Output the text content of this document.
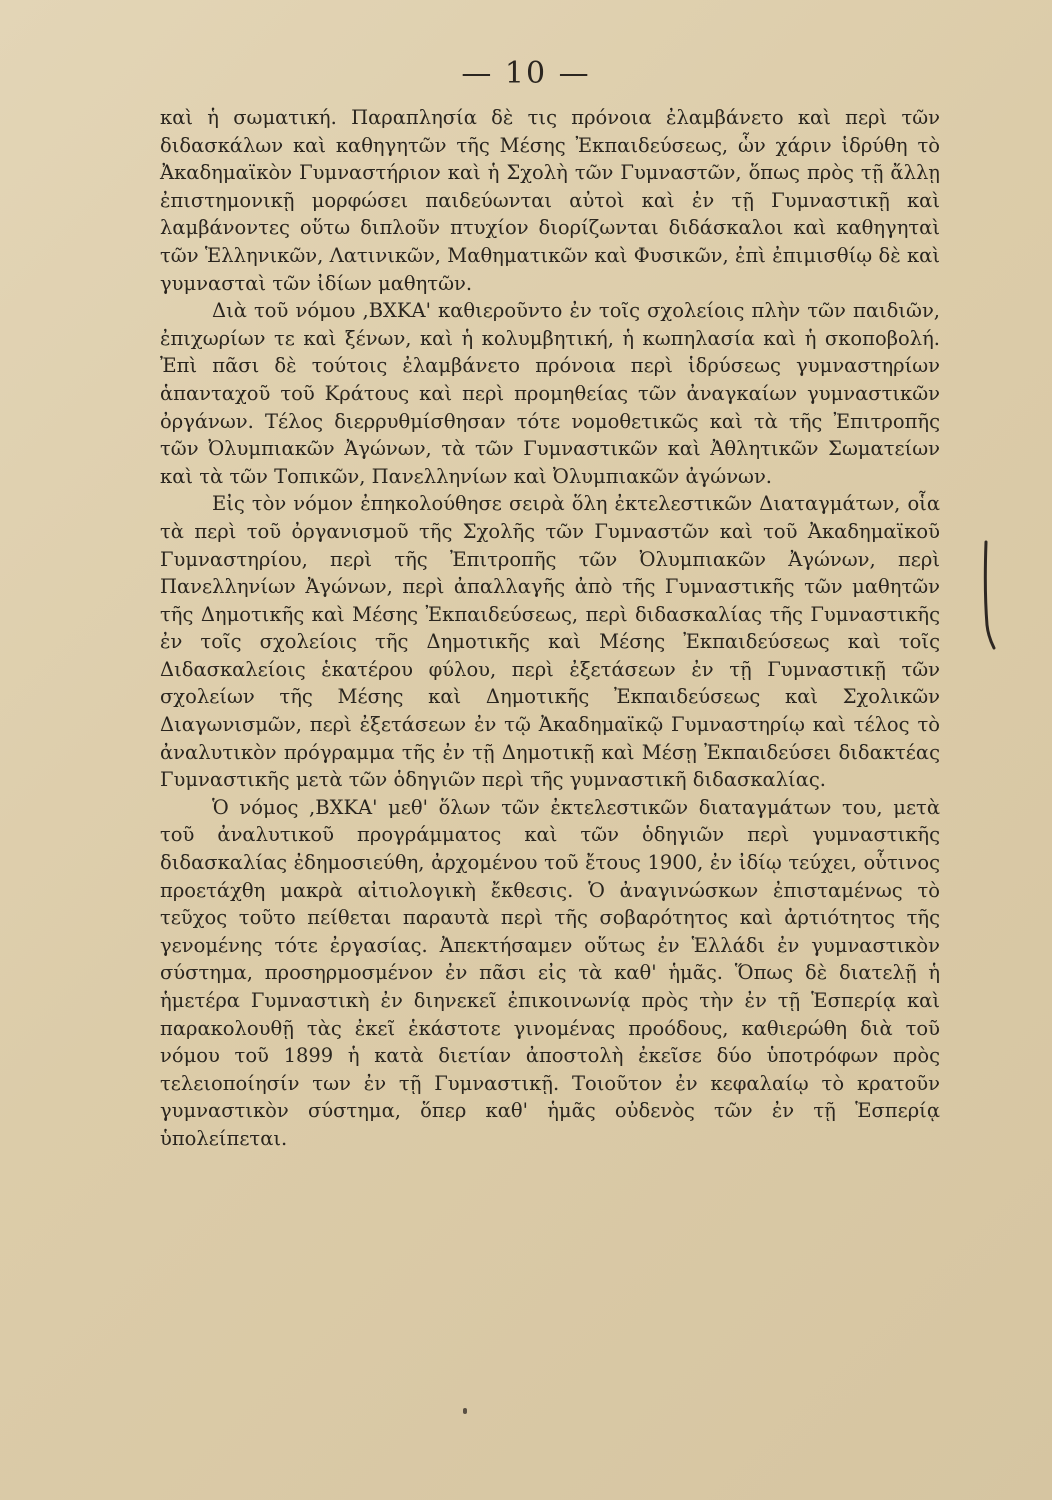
— 10 —

καὶ ἡ σωματική. Παραπλησία δὲ τις πρόνοια ἐλαμβάνετο καὶ περὶ τῶν διδασκάλων καὶ καθηγητῶν τῆς Μέσης Ἐκπαιδεύσεως, ὧν χάριν ἱδρύθη τὸ Ἀκαδημαϊκὸν Γυμναστήριον καὶ ἡ Σχολὴ τῶν Γυμναστῶν, ὅπως πρὸς τῇ ἄλλῃ ἐπιστημονικῇ μορφώσει παιδεύωνται αὐτοὶ καὶ ἐν τῇ Γυμναστικῇ καὶ λαμβάνοντες οὕτω διπλοῦν πτυχίον διορίζωνται διδάσκαλοι καὶ καθηγηταὶ τῶν Ἑλληνικῶν, Λατινικῶν, Μαθηματικῶν καὶ Φυσικῶν, ἐπὶ ἐπιμισθίῳ δὲ καὶ γυμνασταὶ τῶν ἰδίων μαθητῶν.

Διὰ τοῦ νόμου ,ΒΧΚΑ' καθιεροῦντο ἐν τοῖς σχολείοις πλὴν τῶν παιδιῶν, ἐπιχωρίων τε καὶ ξένων, καὶ ἡ κολυμβητική, ἡ κωπηλασία καὶ ἡ σκοποβολή. Ἐπὶ πᾶσι δὲ τούτοις ἐλαμβάνετο πρόνοια περὶ ἱδρύσεως γυμναστηρίων ἁπανταχοῦ τοῦ Κράτους καὶ περὶ προμηθείας τῶν ἀναγκαίων γυμναστικῶν ὀργάνων. Τέλος διερρυθμίσθησαν τότε νομοθετικῶς καὶ τὰ τῆς Ἐπιτροπῆς τῶν Ὀλυμπιακῶν Ἀγώνων, τὰ τῶν Γυμναστικῶν καὶ Ἀθλητικῶν Σωματείων καὶ τὰ τῶν Τοπικῶν, Πανελληνίων καὶ Ὀλυμπιακῶν ἀγώνων.

Εἰς τὸν νόμον ἐπηκολούθησε σειρὰ ὅλη ἐκτελεστικῶν Διαταγμάτων, οἷα τὰ περὶ τοῦ ὀργανισμοῦ τῆς Σχολῆς τῶν Γυμναστῶν καὶ τοῦ Ἀκαδημαϊκοῦ Γυμναστηρίου, περὶ τῆς Ἐπιτροπῆς τῶν Ὀλυμπιακῶν Ἀγώνων, περὶ Πανελληνίων Ἀγώνων, περὶ ἀπαλλαγῆς ἀπὸ τῆς Γυμναστικῆς τῶν μαθητῶν τῆς Δημοτικῆς καὶ Μέσης Ἐκπαιδεύσεως, περὶ διδασκαλίας τῆς Γυμναστικῆς ἐν τοῖς σχολείοις τῆς Δημοτικῆς καὶ Μέσης Ἐκπαιδεύσεως καὶ τοῖς Διδασκαλείοις ἑκατέρου φύλου, περὶ ἐξετάσεων ἐν τῇ Γυμναστικῇ τῶν σχολείων τῆς Μέσης καὶ Δημοτικῆς Ἐκπαιδεύσεως καὶ Σχολικῶν Διαγωνισμῶν, περὶ ἐξετάσεων ἐν τῷ Ἀκαδημαϊκῷ Γυμναστηρίῳ καὶ τέλος τὸ ἀναλυτικὸν πρόγραμμα τῆς ἐν τῇ Δημοτικῇ καὶ Μέσῃ Ἐκπαιδεύσει διδακτέας Γυμναστικῆς μετὰ τῶν ὁδηγιῶν περὶ τῆς γυμναστικῆ διδασκαλίας.

Ὁ νόμος ,ΒΧΚΑ' μεθ' ὅλων τῶν ἐκτελεστικῶν διαταγμάτων του, μετὰ τοῦ ἀναλυτικοῦ προγράμματος καὶ τῶν ὁδηγιῶν περὶ γυμναστικῆς διδασκαλίας ἐδημοσιεύθη, ἀρχομένου τοῦ ἔτους 1900, ἐν ἰδίῳ τεύχει, οὗτινος προετάχθη μακρὰ αἰτιολογικὴ ἔκθεσις. Ὁ ἀναγινώσκων ἐπισταμένως τὸ τεῦχος τοῦτο πείθεται παραυτὰ περὶ τῆς σοβαρότητος καὶ ἀρτιότητος τῆς γενομένης τότε ἐργασίας. Ἀπεκτήσαμεν οὕτως ἐν Ἑλλάδι ἐν γυμναστικὸν σύστημα, προσηρμοσμένον ἐν πᾶσι εἰς τὰ καθ' ἡμᾶς. Ὅπως δὲ διατελῇ ἡ ἡμετέρα Γυμναστικὴ ἐν διηνεκεῖ ἐπικοινωνίᾳ πρὸς τὴν ἐν τῇ Ἑσπερίᾳ καὶ παρακολουθῇ τὰς ἐκεῖ ἑκάστοτε γινομένας προόδους, καθιερώθη διὰ τοῦ νόμου τοῦ 1899 ἡ κατὰ διετίαν ἀποστολὴ ἐκεῖσε δύο ὑποτρόφων πρὸς τελειοποίησίν των ἐν τῇ Γυμναστικῇ. Τοιοῦτον ἐν κεφαλαίῳ τὸ κρατοῦν γυμναστικὸν σύστημα, ὅπερ καθ' ἡμᾶς οὐδενὸς τῶν ἐν τῇ Ἑσπερίᾳ ὑπολείπεται.
